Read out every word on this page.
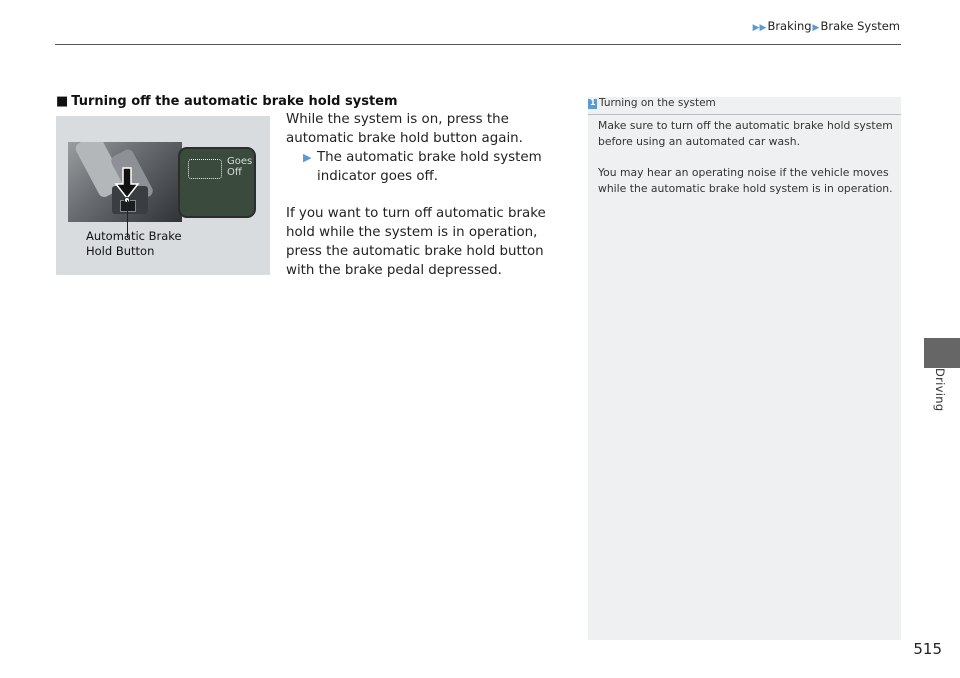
▶▶Braking▶Brake System
■ Turning off the automatic brake hold system
Automatic Brake
Hold Button
Goes
Off
While the system is on, press the automatic brake hold button again.
▶ The automatic brake hold system indicator goes off.
If you want to turn off automatic brake hold while the system is in operation, press the automatic brake hold button with the brake pedal depressed.
1
Turning on the system
Make sure to turn off the automatic brake hold system before using an automated car wash.
You may hear an operating noise if the vehicle moves while the automatic brake hold system is in operation.
Driving
515
